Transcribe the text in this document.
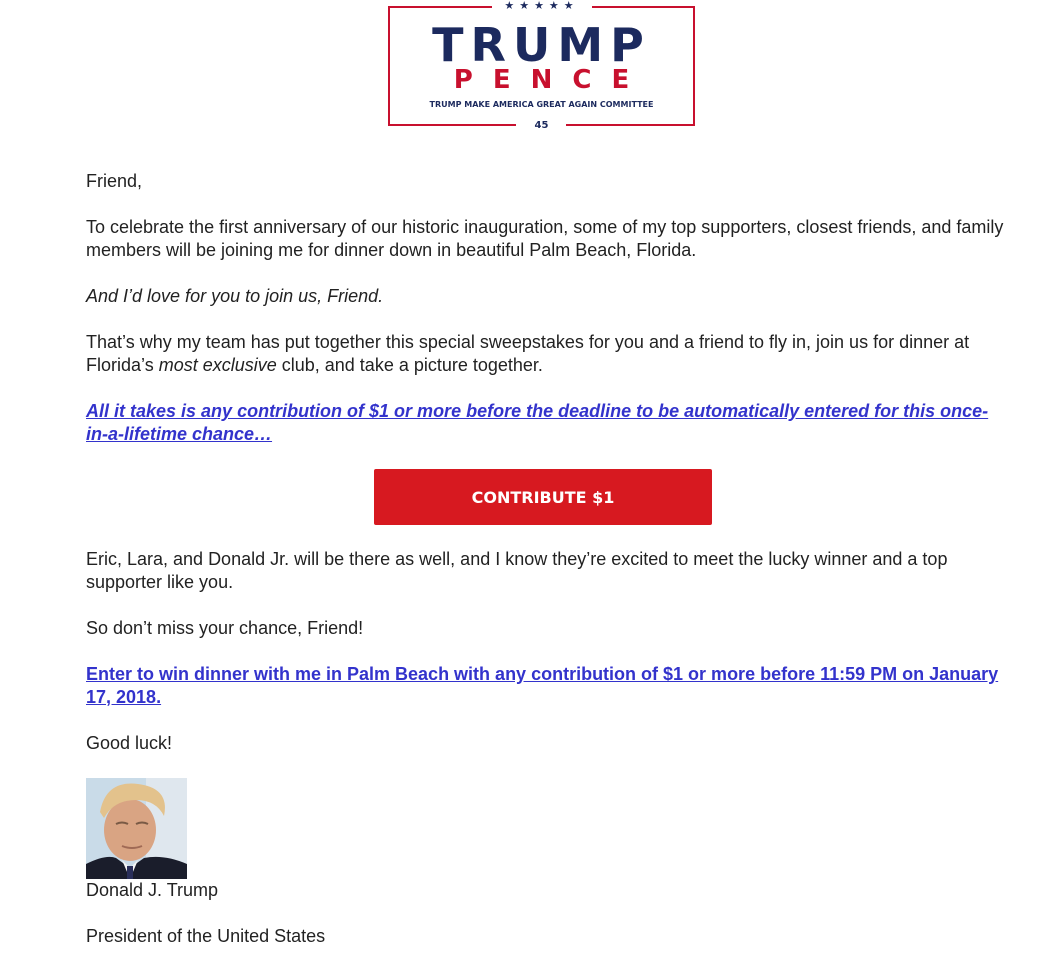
★★★★★
TRUMP
PENCE
TRUMP MAKE AMERICA GREAT AGAIN COMMITTEE
45

Friend,

To celebrate the first anniversary of our historic inauguration, some of my top supporters, closest friends, and family members will be joining me for dinner down in beautiful Palm Beach, Florida.

And I’d love for you to join us, Friend.

That’s why my team has put together this special sweepstakes for you and a friend to fly in, join us for dinner at Florida’s most exclusive club, and take a picture together.

All it takes is any contribution of $1 or more before the deadline to be automatically entered for this once-in-a-lifetime chance…

CONTRIBUTE $1

Eric, Lara, and Donald Jr. will be there as well, and I know they’re excited to meet the lucky winner and a top supporter like you.

So don’t miss your chance, Friend!

Enter to win dinner with me in Palm Beach with any contribution of $1 or more before 11:59 PM on January 17, 2018.

Good luck!

Donald J. Trump

President of the United States
